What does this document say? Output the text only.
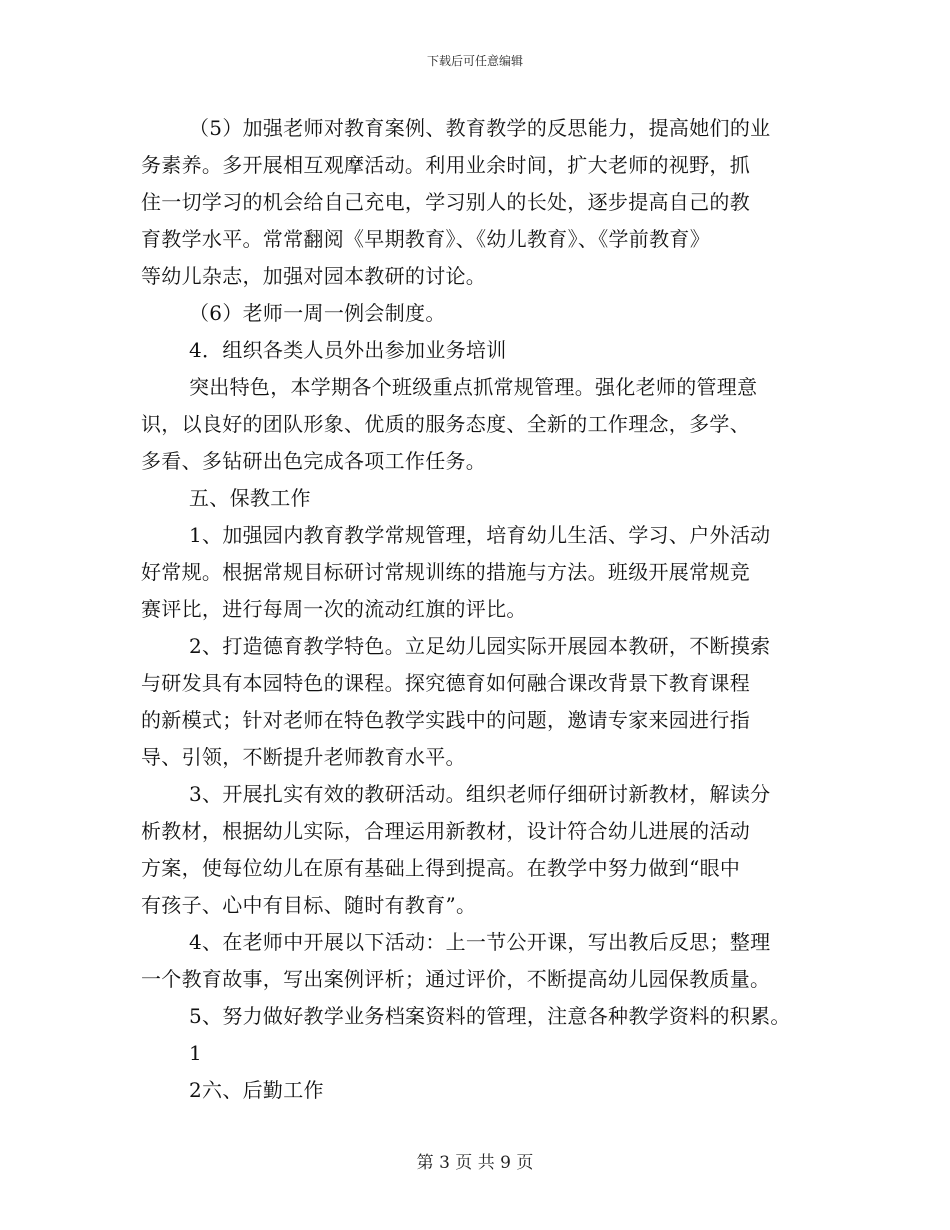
下载后可任意编辑
（5）加强老师对教育案例、教育教学的反思能力，提高她们的业
务素养。多开展相互观摩活动。利用业余时间，扩大老师的视野，抓
住一切学习的机会给自己充电，学习别人的长处，逐步提高自己的教
育教学水平。常常翻阅《早期教育》、《幼儿教育》、《学前教育》
等幼儿杂志，加强对园本教研的讨论。
（6）老师一周一例会制度。
4．组织各类人员外出参加业务培训
突出特色，本学期各个班级重点抓常规管理。强化老师的管理意
识，以良好的团队形象、优质的服务态度、全新的工作理念，多学、
多看、多钻研出色完成各项工作任务。
五、保教工作
1、加强园内教育教学常规管理，培育幼儿生活、学习、户外活动
好常规。根据常规目标研讨常规训练的措施与方法。班级开展常规竞
赛评比，进行每周一次的流动红旗的评比。
2、打造德育教学特色。立足幼儿园实际开展园本教研，不断摸索
与研发具有本园特色的课程。探究德育如何融合课改背景下教育课程
的新模式；针对老师在特色教学实践中的问题，邀请专家来园进行指
导、引领，不断提升老师教育水平。
3、开展扎实有效的教研活动。组织老师仔细研讨新教材，解读分
析教材，根据幼儿实际，合理运用新教材，设计符合幼儿进展的活动
方案，使每位幼儿在原有基础上得到提高。在教学中努力做到“眼中
有孩子、心中有目标、随时有教育”。
4、在老师中开展以下活动：上一节公开课，写出教后反思；整理
一个教育故事，写出案例评析；通过评价，不断提高幼儿园保教质量。
5、努力做好教学业务档案资料的管理，注意各种教学资料的积累。
1
2六、后勤工作
第 3 页 共 9 页
